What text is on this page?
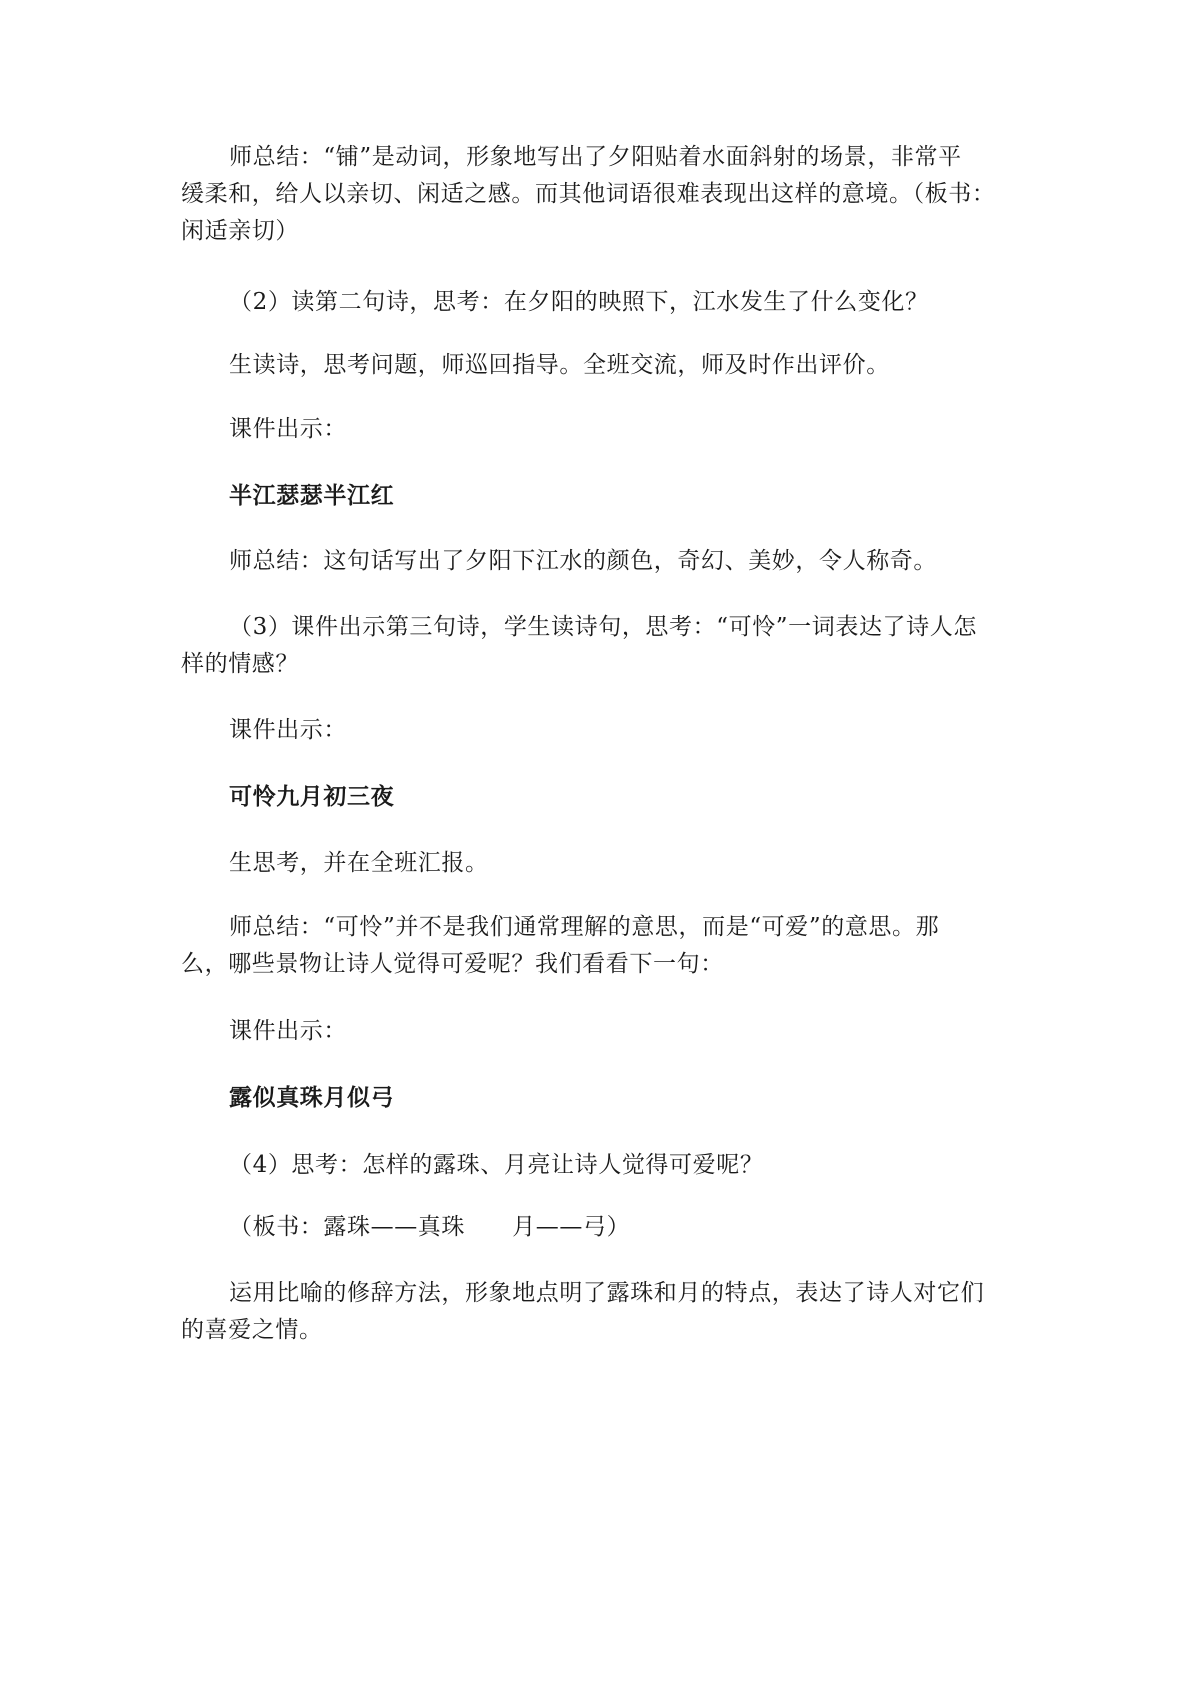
师总结：“铺”是动词，形象地写出了夕阳贴着水面斜射的场景，非常平
缓柔和，给人以亲切、闲适之感。而其他词语很难表现出这样的意境。（板书：
闲适亲切）

（2）读第二句诗，思考：在夕阳的映照下，江水发生了什么变化？

生读诗，思考问题，师巡回指导。全班交流，师及时作出评价。

课件出示：

半江瑟瑟半江红

师总结：这句话写出了夕阳下江水的颜色，奇幻、美妙，令人称奇。

（3）课件出示第三句诗，学生读诗句，思考：“可怜”一词表达了诗人怎
样的情感？

课件出示：

可怜九月初三夜

生思考，并在全班汇报。

师总结：“可怜”并不是我们通常理解的意思，而是“可爱”的意思。那
么，哪些景物让诗人觉得可爱呢？我们看看下一句：

课件出示：

露似真珠月似弓

（4）思考：怎样的露珠、月亮让诗人觉得可爱呢？

（板书：露珠——真珠　　月——弓）

运用比喻的修辞方法，形象地点明了露珠和月的特点，表达了诗人对它们
的喜爱之情。
